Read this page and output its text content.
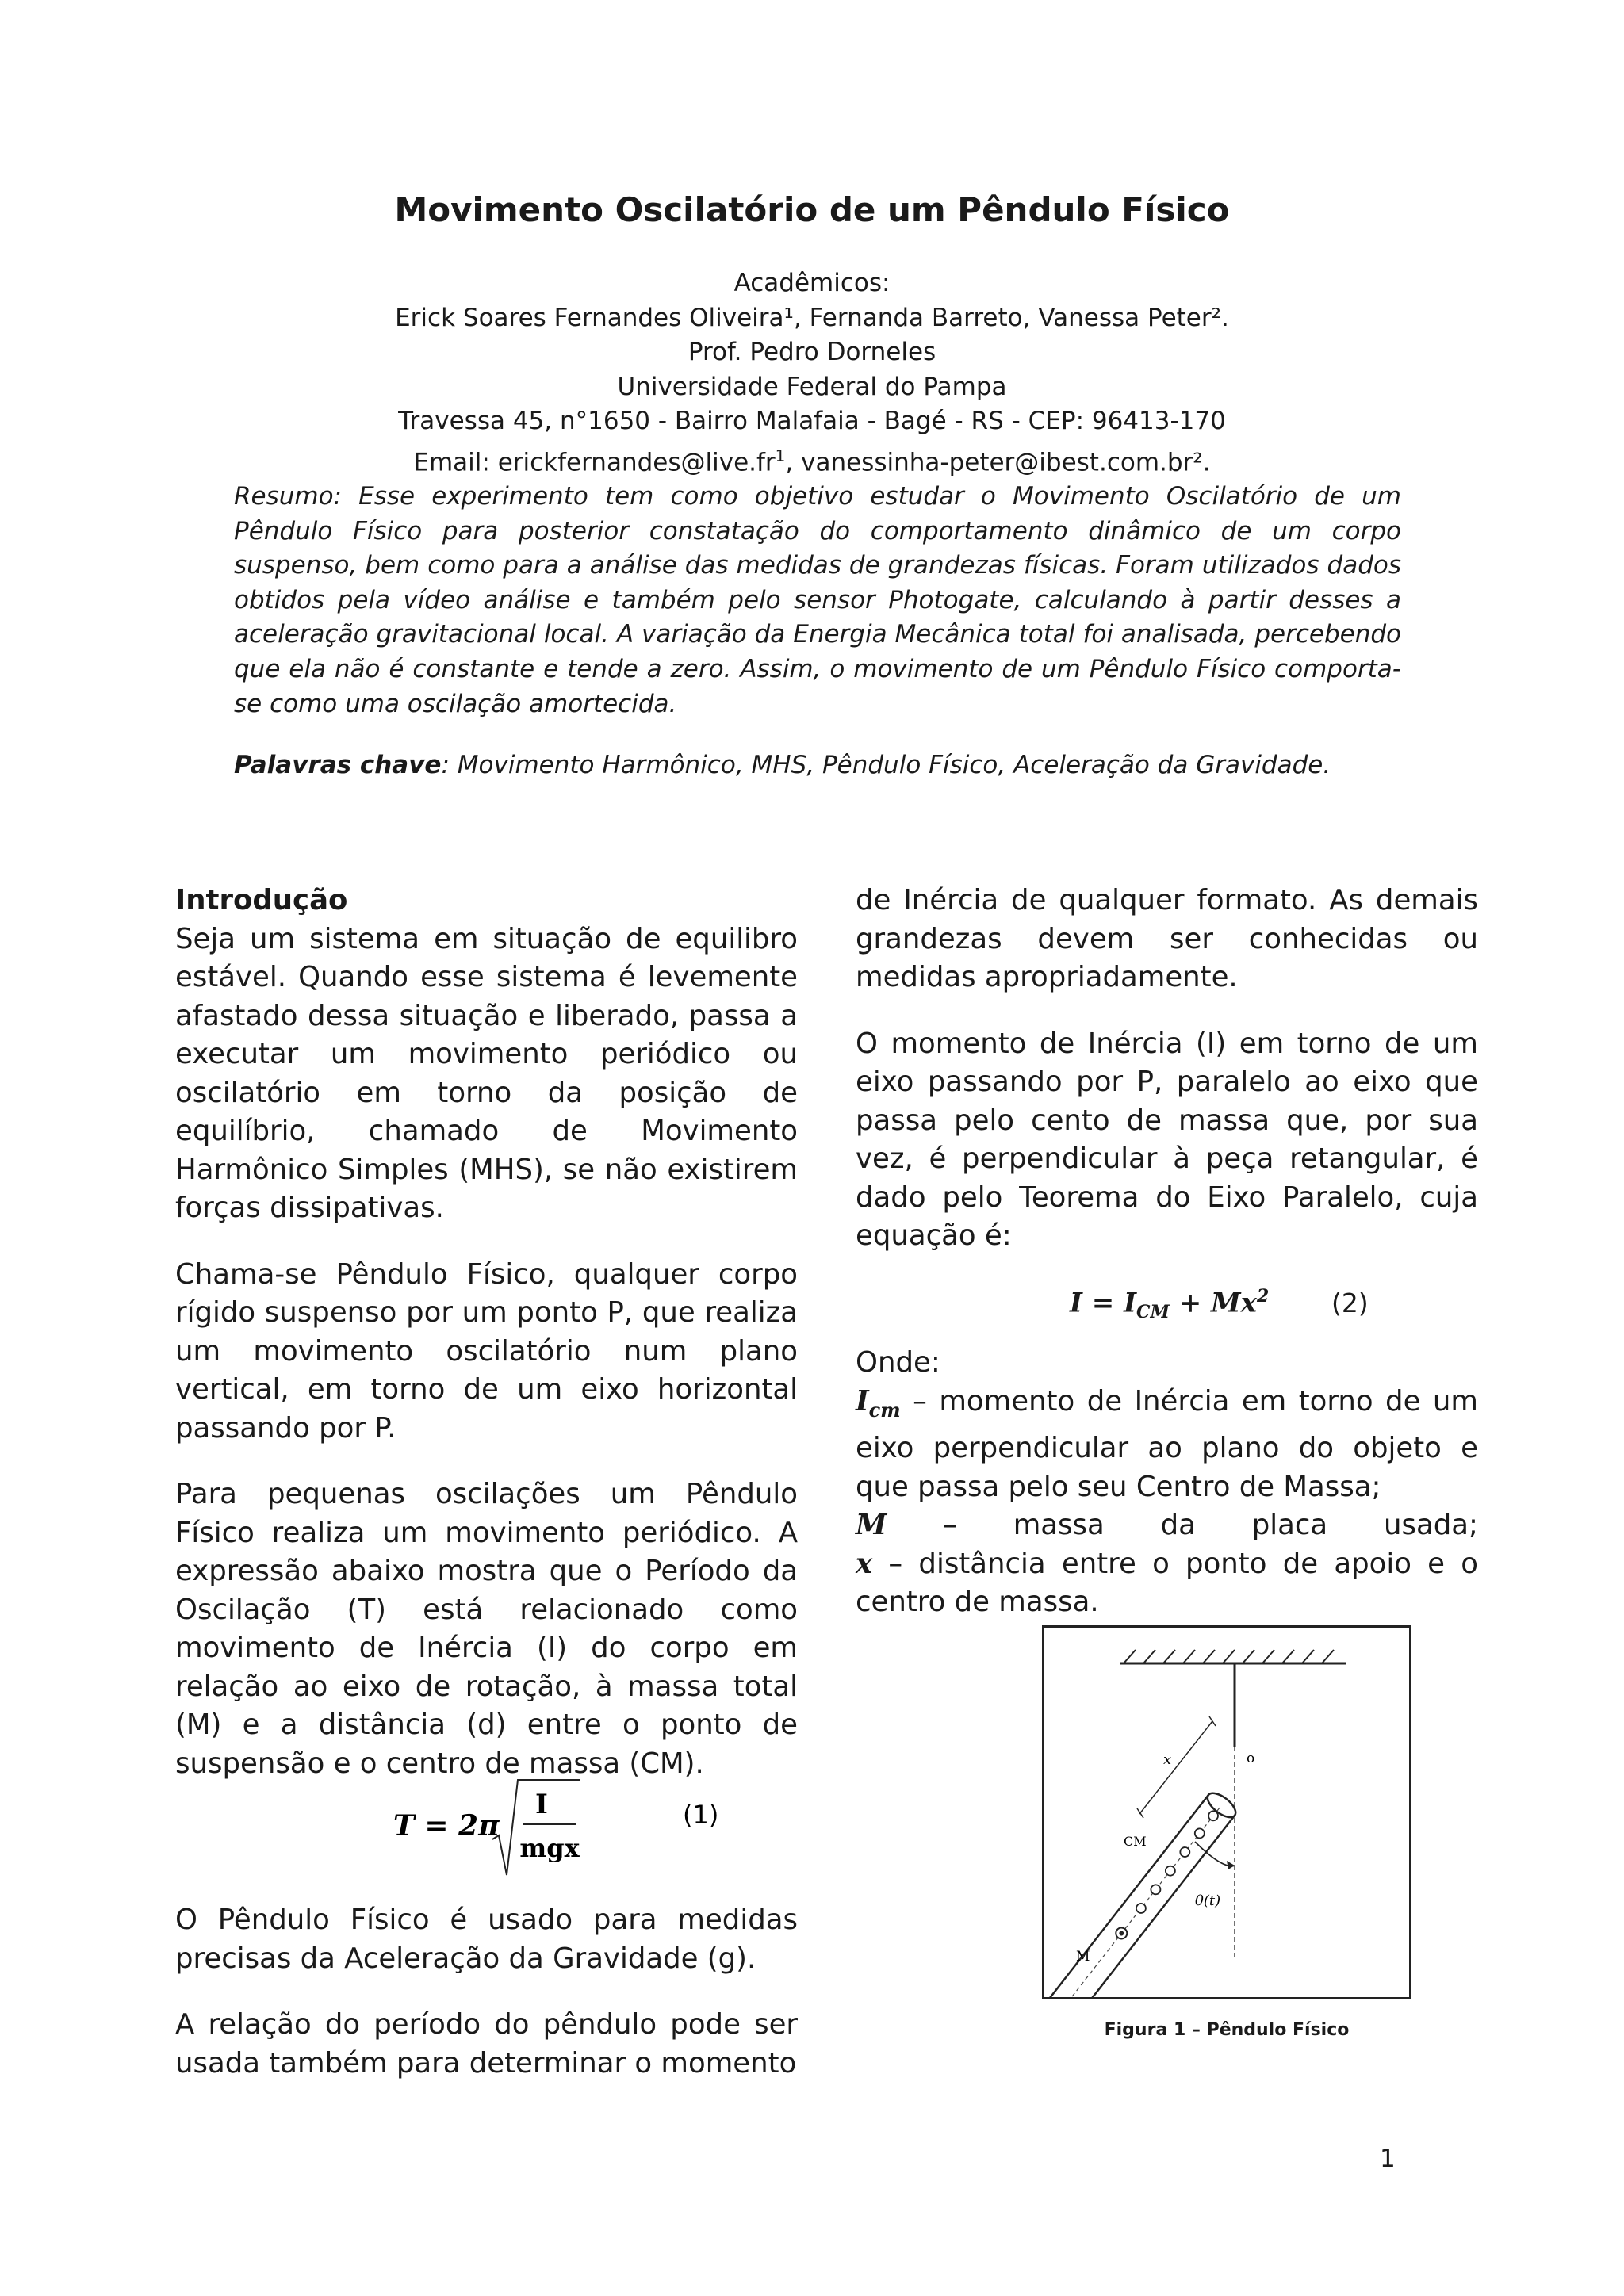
Movimento Oscilatório de um Pêndulo Físico
Acadêmicos:
Erick Soares Fernandes Oliveira¹, Fernanda Barreto, Vanessa Peter².
Prof. Pedro Dorneles
Universidade Federal do Pampa
Travessa 45, n°1650 - Bairro Malafaia - Bagé - RS - CEP: 96413-170
Email: $erickfernandes@live.fr^1$, vanessinha-peter@ibest.com.br².
Resumo: Esse experimento tem como objetivo estudar o Movimento Oscilatório de um Pêndulo Físico para posterior constatação do comportamento dinâmico de um corpo suspenso, bem como para a análise das medidas de grandezas físicas. Foram utilizados dados obtidos pela vídeo análise e também pelo sensor Photogate, calculando à partir desses a aceleração gravitacional local. A variação da Energia Mecânica total foi analisada, percebendo que ela não é constante e tende a zero. Assim, o movimento de um Pêndulo Físico comporta-se como uma oscilação amortecida.
Palavras chave: Movimento Harmônico, MHS, Pêndulo Físico, Aceleração da Gravidade.

Introdução

Seja um sistema em situação de equilibro estável. Quando esse sistema é levemente afastado dessa situação e liberado, passa a executar um movimento periódico ou oscilatório em torno da posição de equilíbrio, chamado de Movimento Harmônico Simples (MHS), se não existirem forças dissipativas.

Chama-se Pêndulo Físico, qualquer corpo rígido suspenso por um ponto P, que realiza um movimento oscilatório num plano vertical, em torno de um eixo horizontal passando por P.

Para pequenas oscilações um Pêndulo Físico realiza um movimento periódico. A expressão abaixo mostra que o Período da Oscilação (T) está relacionado como movimento de Inércia (I) do corpo em relação ao eixo de rotação, à massa total (M) e a distância (d) entre o ponto de suspensão e o centro de massa (CM).

T = 2π
I
mgx
(1)

O Pêndulo Físico é usado para medidas precisas da Aceleração da Gravidade (g).

A relação do período do pêndulo pode ser usada também para determinar o momento

de Inércia de qualquer formato. As demais grandezas devem ser conhecidas ou medidas apropriadamente.

O momento de Inércia (I) em torno de um eixo passando por P, paralelo ao eixo que passa pelo cento de massa que, por sua vez, é perpendicular à peça retangular, é dado pelo Teorema do Eixo Paralelo, cuja equação é:

$I = I_{CM} + Mx^2$ (2)

Onde:

$I_{cm}$ – momento de Inércia em torno de um eixo perpendicular ao plano do objeto e que passa pelo seu Centro de Massa;

M – massa da placa usada;

x – distância entre o ponto de apoio e o centro de massa.

x
CM
M
o
θ(t)
Figura 1 – Pêndulo Físico
1
